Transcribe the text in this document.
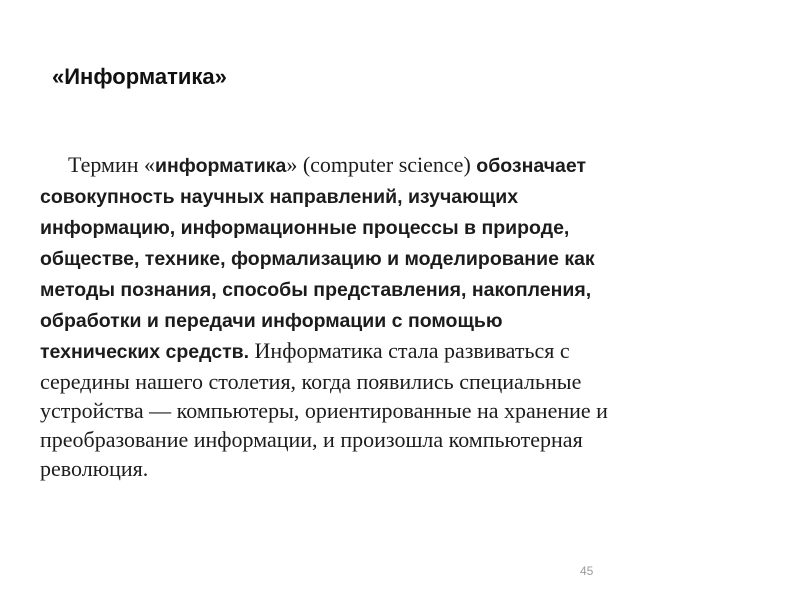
«Информатика»
Термин «информатика» (computer science) обозначает
совокупность научных направлений, изучающих
информацию, информационные процессы в природе,
обществе, технике, формализацию и моделирование как
методы познания, способы представления, накопления,
обработки и передачи информации с помощью
технических средств. Информатика стала развиваться с
середины нашего столетия, когда появились специальные
устройства — компьютеры, ориентированные на хранение и
преобразование информации, и произошла компьютерная
революция.
45
